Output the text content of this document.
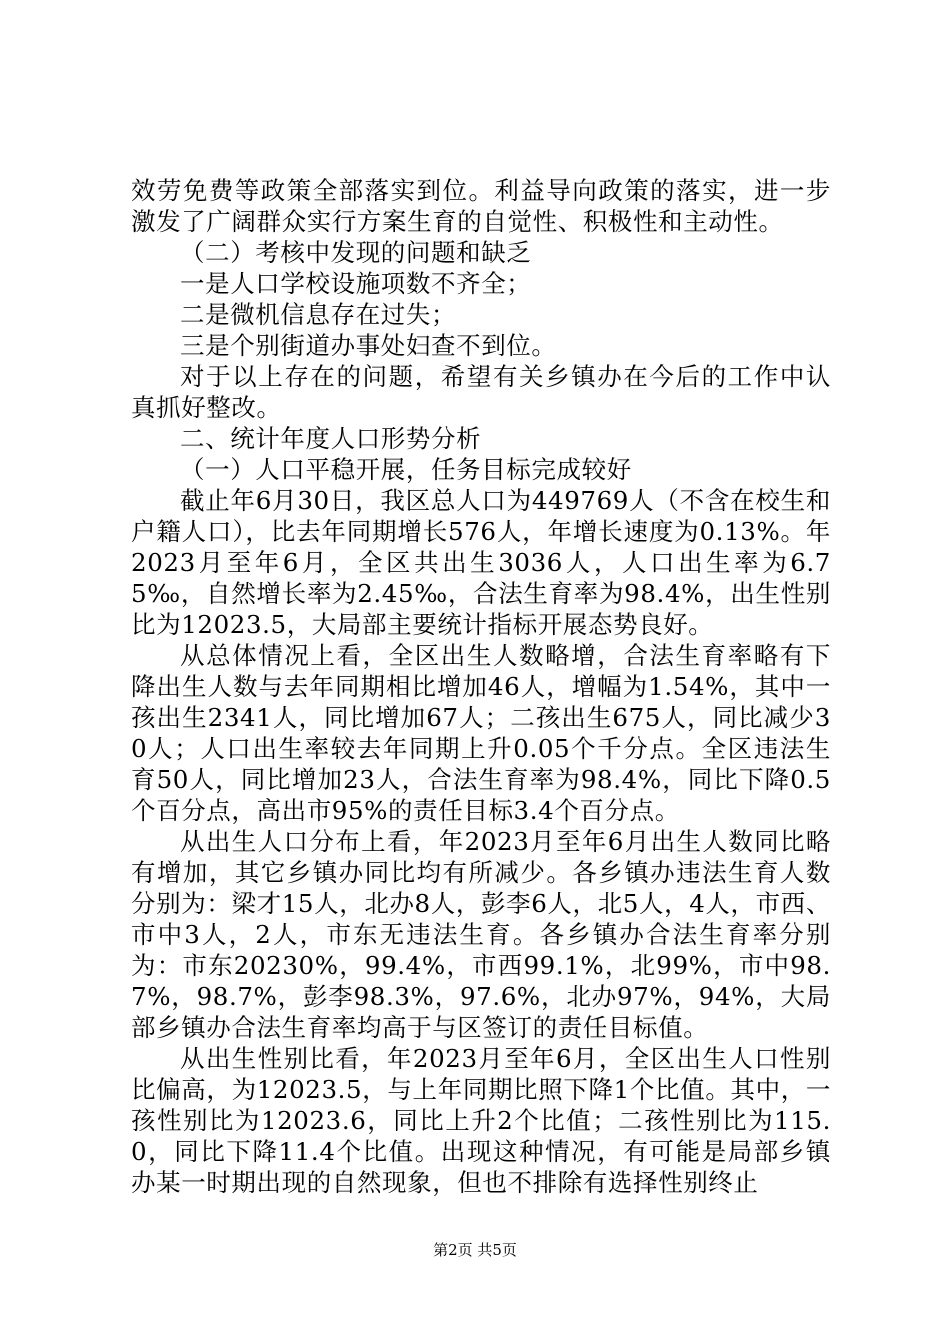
效劳免费等政策全部落实到位。利益导向政策的落实，进一步激发了广阔群众实行方案生育的自觉性、积极性和主动性。

（二）考核中发现的问题和缺乏

一是人口学校设施项数不齐全；

二是微机信息存在过失；

三是个别街道办事处妇查不到位。

对于以上存在的问题，希望有关乡镇办在今后的工作中认真抓好整改。

二、统计年度人口形势分析

（一）人口平稳开展，任务目标完成较好

截止年6月30日，我区总人口为449769人（不含在校生和户籍人口），比去年同期增长576人，年增长速度为0.13%。年2023月至年6月，全区共出生3036人，人口出生率为6.75‰，自然增长率为2.45‰，合法生育率为98.4%，出生性别比为12023.5，大局部主要统计指标开展态势良好。

从总体情况上看，全区出生人数略增，合法生育率略有下降出生人数与去年同期相比增加46人，增幅为1.54%，其中一孩出生2341人，同比增加67人；二孩出生675人，同比减少30人；人口出生率较去年同期上升0.05个千分点。全区违法生育50人，同比增加23人，合法生育率为98.4%，同比下降0.5个百分点，高出市95%的责任目标3.4个百分点。

从出生人口分布上看，年2023月至年6月出生人数同比略有增加，其它乡镇办同比均有所减少。各乡镇办违法生育人数分别为：梁才15人，北办8人，彭李6人，北5人，4人，市西、市中3人，2人，市东无违法生育。各乡镇办合法生育率分别为：市东20230%，99.4%，市西99.1%，北99%，市中98.7%，98.7%，彭李98.3%，97.6%，北办97%，94%，大局部乡镇办合法生育率均高于与区签订的责任目标值。

从出生性别比看，年2023月至年6月，全区出生人口性别比偏高，为12023.5，与上年同期比照下降1个比值。其中，一孩性别比为12023.6，同比上升2个比值；二孩性别比为115.0，同比下降11.4个比值。出现这种情况，有可能是局部乡镇办某一时期出现的自然现象，但也不排除有选择性别终止

第2页 共5页
